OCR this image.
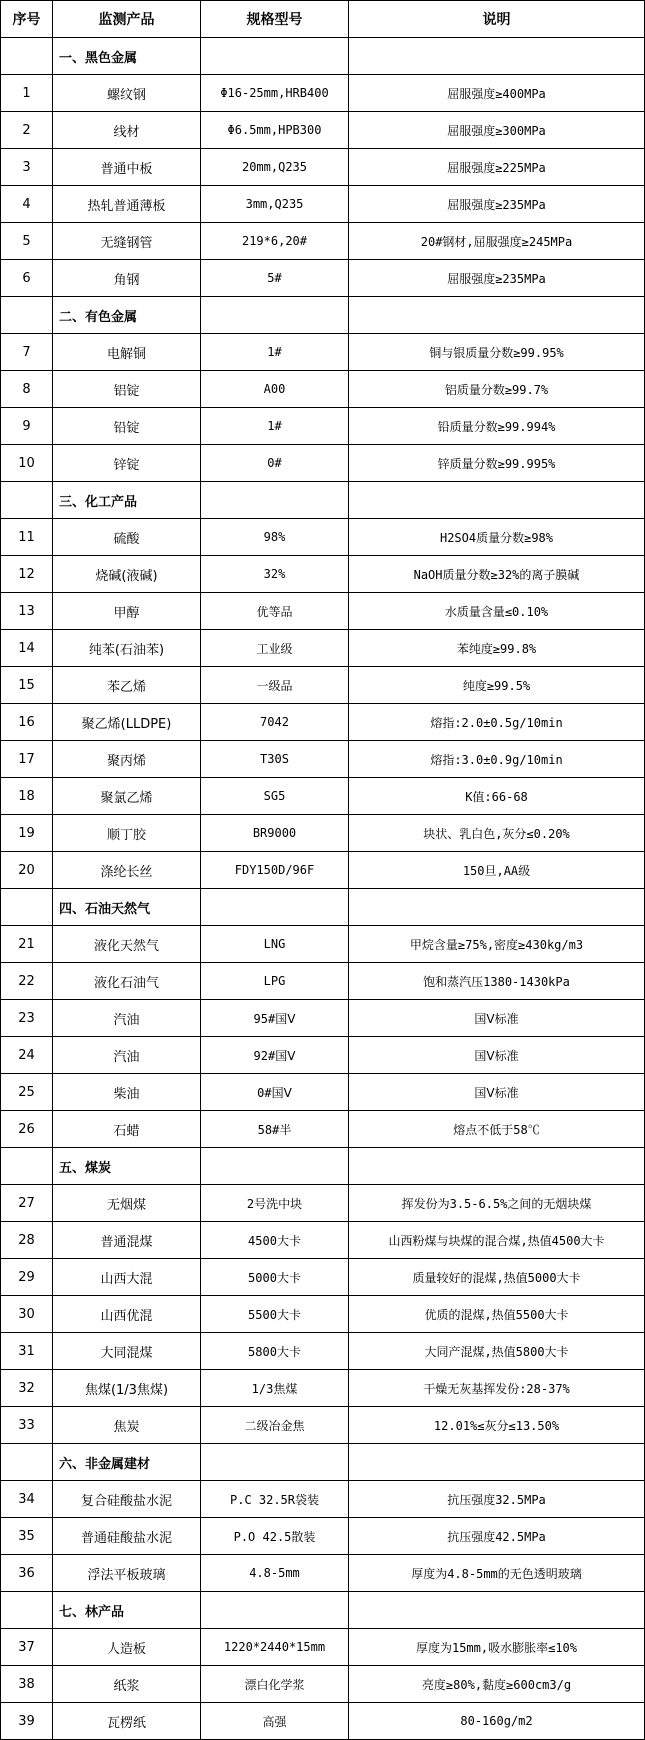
序号	监测产品	规格型号	说明
	一、黑色金属		
1	螺纹钢	Φ16-25mm,HRB400	屈服强度≥400MPa
2	线材	Φ6.5mm,HPB300	屈服强度≥300MPa
3	普通中板	20mm,Q235	屈服强度≥225MPa
4	热轧普通薄板	3mm,Q235	屈服强度≥235MPa
5	无缝钢管	219*6,20#	20#钢材,屈服强度≥245MPa
6	角钢	5#	屈服强度≥235MPa
	二、有色金属		
7	电解铜	1#	铜与银质量分数≥99.95%
8	铝锭	A00	铝质量分数≥99.7%
9	铅锭	1#	铅质量分数≥99.994%
10	锌锭	0#	锌质量分数≥99.995%
	三、化工产品		
11	硫酸	98%	H2SO4质量分数≥98%
12	烧碱(液碱)	32%	NaOH质量分数≥32%的离子膜碱
13	甲醇	优等品	水质量含量≤0.10%
14	纯苯(石油苯)	工业级	苯纯度≥99.8%
15	苯乙烯	一级品	纯度≥99.5%
16	聚乙烯(LLDPE)	7042	熔指:2.0±0.5g/10min
17	聚丙烯	T30S	熔指:3.0±0.9g/10min
18	聚氯乙烯	SG5	K值:66-68
19	顺丁胶	BR9000	块状、乳白色,灰分≤0.20%
20	涤纶长丝	FDY150D/96F	150旦,AA级
	四、石油天然气		
21	液化天然气	LNG	甲烷含量≥75%,密度≥430kg/m3
22	液化石油气	LPG	饱和蒸汽压1380-1430kPa
23	汽油	95#国Ⅴ	国Ⅴ标准
24	汽油	92#国Ⅴ	国Ⅴ标准
25	柴油	0#国Ⅴ	国Ⅴ标准
26	石蜡	58#半	熔点不低于58℃
	五、煤炭		
27	无烟煤	2号洗中块	挥发份为3.5-6.5%之间的无烟块煤
28	普通混煤	4500大卡	山西粉煤与块煤的混合煤,热值4500大卡
29	山西大混	5000大卡	质量较好的混煤,热值5000大卡
30	山西优混	5500大卡	优质的混煤,热值5500大卡
31	大同混煤	5800大卡	大同产混煤,热值5800大卡
32	焦煤(1/3焦煤)	1/3焦煤	干燥无灰基挥发份:28-37%
33	焦炭	二级冶金焦	12.01%≤灰分≤13.50%
	六、非金属建材		
34	复合硅酸盐水泥	P.C 32.5R袋装	抗压强度32.5MPa
35	普通硅酸盐水泥	P.O 42.5散装	抗压强度42.5MPa
36	浮法平板玻璃	4.8-5mm	厚度为4.8-5mm的无色透明玻璃
	七、林产品		
37	人造板	1220*2440*15mm	厚度为15mm,吸水膨胀率≤10%
38	纸浆	漂白化学浆	亮度≥80%,黏度≥600cm3/g
39	瓦楞纸	高强	80-160g/m2
